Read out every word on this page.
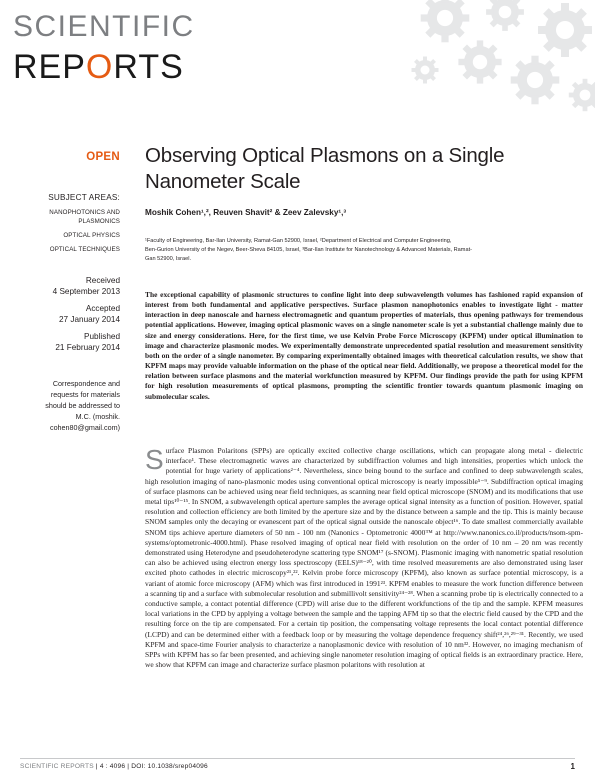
SCIENTIFIC
REPORTS
OPEN
SUBJECT AREAS:
NANOPHOTONICS AND
PLASMONICS
OPTICAL PHYSICS
OPTICAL TECHNIQUES
Received
4 September 2013
Accepted
27 January 2014
Published
21 February 2014
Correspondence and
requests for materials
should be addressed to
M.C. (moshik.
cohen80@gmail.com)
Observing Optical Plasmons on a Single
Nanometer Scale
Moshik Cohen¹,², Reuven Shavit² & Zeev Zalevsky¹,³
¹Faculty of Engineering, Bar-Ilan University, Ramat-Gan 52900, Israel, ²Department of Electrical and Computer Engineering,
Ben-Gurion University of the Negev, Beer-Sheva 84105, Israel, ³Bar-Ilan Institute for Nanotechnology & Advanced Materials, Ramat-
Gan 52900, Israel.
The exceptional capability of plasmonic structures to confine light into deep subwavelength volumes has fashioned rapid expansion of interest from both fundamental and applicative perspectives. Surface plasmon nanophotonics enables to investigate light - matter interaction in deep nanoscale and harness electromagnetic and quantum properties of materials, thus opening pathways for tremendous potential applications. However, imaging optical plasmonic waves on a single nanometer scale is yet a substantial challenge mainly due to size and energy considerations. Here, for the first time, we use Kelvin Probe Force Microscopy (KPFM) under optical illumination to image and characterize plasmonic modes. We experimentally demonstrate unprecedented spatial resolution and measurement sensitivity both on the order of a single nanometer. By comparing experimentally obtained images with theoretical calculation results, we show that KPFM maps may provide valuable information on the phase of the optical near field. Additionally, we propose a theoretical model for the relation between surface plasmons and the material workfunction measured by KPFM. Our findings provide the path for using KPFM for high resolution measurements of optical plasmons, prompting the scientific frontier towards quantum plasmonic imaging on submolecular scales.
Surface Plasmon Polaritons (SPPs) are optically excited collective charge oscillations, which can propagate along metal - dielectric interface¹. These electromagnetic waves are characterized by subdiffraction volumes and high intensities, properties which unlock the potential for huge variety of applications²⁻⁴. Nevertheless, since being bound to the surface and confined to deep subwavelength scales, high resolution imaging of nano-plasmonic modes using conventional optical microscopy is nearly impossible⁵⁻⁹. Subdiffraction optical imaging of surface plasmons can be achieved using near field techniques, as scanning near field optical microscope (SNOM) and its modifications that use metal tips¹⁰⁻¹⁵. In SNOM, a subwavelength optical aperture samples the average optical signal intensity as a function of position. However, spatial resolution and collection efficiency are both limited by the aperture size and by the distance between a sample and the tip. This is mainly because SNOM samples only the decaying or evanescent part of the optical signal outside the nanoscale object¹⁶. To date smallest commercially available SNOM tips achieve aperture diameters of 50 nm - 100 nm (Nanonics - Optometronic 4000™ at http://www.nanonics.co.il/products/nsom-spm-systems/optometronic-4000.html). Phase resolved imaging of optical near field with resolution on the order of 10 nm – 20 nm was recently demonstrated using Heterodyne and pseudoheterodyne scattering type SNOM¹⁷ (s-SNOM). Plasmonic imaging with nanometric spatial resolution can also be achieved using electron energy loss spectroscopy (EELS)¹⁸⁻²⁰, with time resolved measurements are also demonstrated using laser excited photo cathodes in electric microscopy²¹,²². Kelvin probe force microscopy (KPFM), also known as surface potential microscopy, is a variant of atomic force microscopy (AFM) which was first introduced in 1991²³. KPFM enables to measure the work function difference between a scanning tip and a surface with submolecular resolution and submillivolt sensitivity²⁴⁻²⁸. When a scanning probe tip is electrically connected to a conductive sample, a contact potential difference (CPD) will arise due to the different workfunctions of the tip and the sample. KPFM measures local variations in the CPD by applying a voltage between the sample and the tapping AFM tip so that the electric field caused by the CPD and the resulting force on the tip are compensated. For a certain tip position, the compensating voltage represents the local contact potential difference (LCPD) and can be determined either with a feedback loop or by measuring the voltage dependence frequency shift²⁴,²⁶,²⁹⁻³¹. Recently, we used KPFM and space-time Fourier analysis to characterize a nanoplasmonic device with resolution of 10 nm³². However, no imaging mechanism of SPPs with KPFM has so far been presented, and achieving single nanometer resolution imaging of optical fields is an extraordinary practice. Here, we show that KPFM can image and characterize surface plasmon polaritons with resolution at
SCIENTIFIC REPORTS | 4 : 4096 | DOI: 10.1038/srep04096	1
